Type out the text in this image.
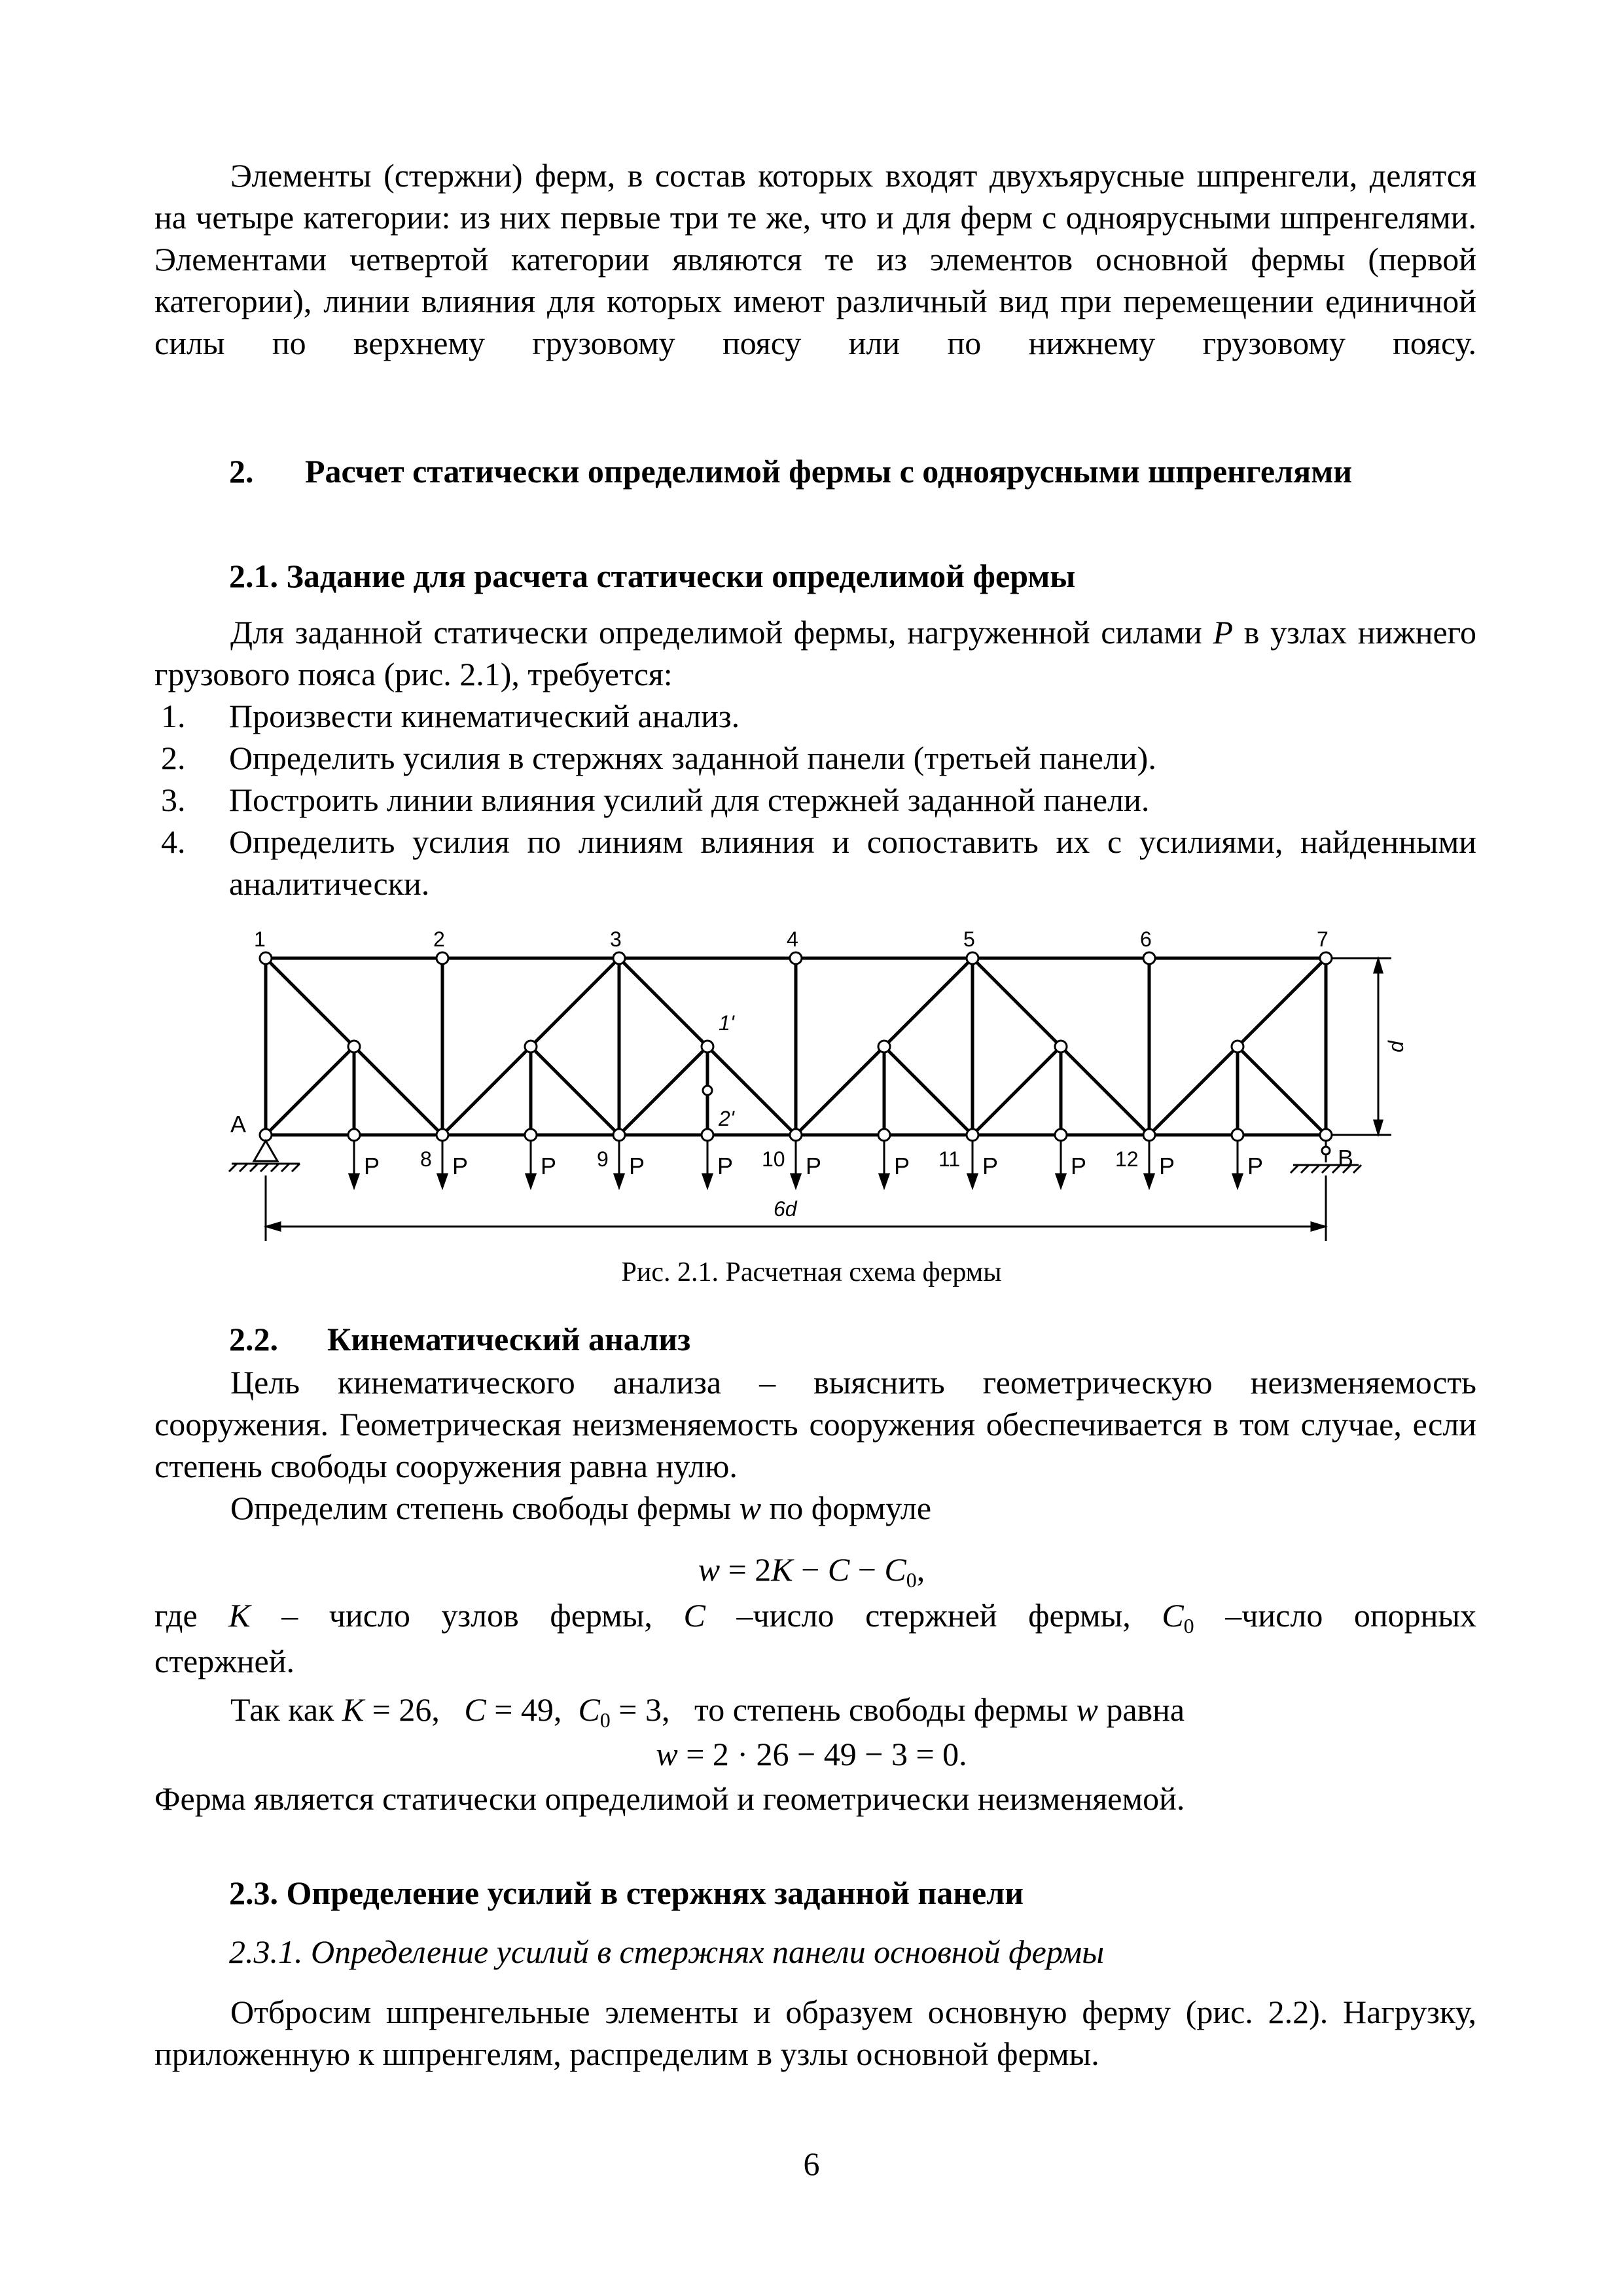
Элементы (стержни) ферм, в состав которых входят двухъярусные шпренгели, делятся на четыре категории: из них первые три те же, что и для ферм с одноярусными шпренгелями. Элементами четвертой категории являются те из элементов основной фермы (первой категории), линии влияния для которых имеют различный вид при перемещении единичной силы по верхнему грузовому поясу или по нижнему грузовому поясу.

2. Расчет статически определимой фермы с одноярусными шпренгелями
2.1. Задание для расчета статически определимой фермы

Для заданной статически определимой фермы, нагруженной силами P в узлах нижнего грузового пояса (рис. 2.1), требуется:

1. Произвести кинематический анализ.
2. Определить усилия в стержнях заданной панели (третьей панели).
3. Построить линии влияния усилий для стержней заданной панели.
4. Определить усилия по линиям влияния и сопоставить их с усилиями, найденными аналитически.
P	P	P	P	P	P	P	P	P	P	P
1	2	3	4	5	6	7
A
8	9	10	11	12	B
1'
2'
d
6d

Рис. 2.1. Расчетная схема фермы

2.2. Кинематический анализ

Цель кинематического анализа – выяснить геометрическую неизменяемость сооружения. Геометрическая неизменяемость сооружения обеспечивается в том случае, если степень свободы сооружения равна нулю.

Определим степень свободы фермы w по формуле

$w = 2K - C - C_0$,

где K – число узлов фермы, C –число стержней фермы, $C_0$ –число опорных

стержней.

Так как K = 26, C = 49, $C_0 = 3$, то степень свободы фермы w равна

w = 2 · 26 − 49 − 3 = 0.

Ферма является статически определимой и геометрически неизменяемой.

2.3. Определение усилий в стержнях заданной панели
2.3.1. Определение усилий в стержнях панели основной фермы

Отбросим шпренгельные элементы и образуем основную ферму (рис. 2.2). Нагрузку, приложенную к шпренгелям, распределим в узлы основной фермы.

6
